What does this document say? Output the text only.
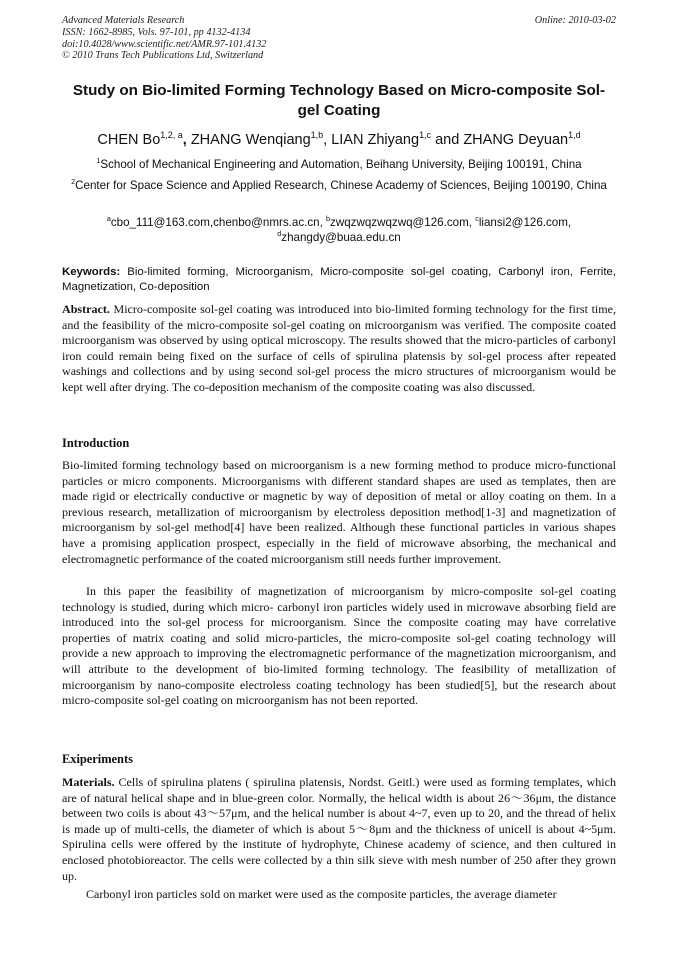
Advanced Materials Research
ISSN: 1662-8985, Vols. 97-101, pp 4132-4134
doi:10.4028/www.scientific.net/AMR.97-101.4132
© 2010 Trans Tech Publications Ltd, Switzerland
Online: 2010-03-02
Study on Bio-limited Forming Technology Based on Micro-composite Sol-gel Coating
CHEN Bo$^{1,2, a}$, ZHANG Wenqiang$^{1,b}$, LIAN Zhiyang$^{1,c}$ and ZHANG Deyuan$^{1,d}$
$^1$School of Mechanical Engineering and Automation, Beihang University, Beijing 100191, China
$^2$Center for Space Science and Applied Research, Chinese Academy of Sciences, Beijing 100190, China
$^a$cbo_111@163.com,chenbo@nmrs.ac.cn, $^b$zwqzwqzwqzwq@126.com, $^c$liansi2@126.com,
$^d$zhangdy@buaa.edu.cn
Keywords: Bio-limited forming, Microorganism, Micro-composite sol-gel coating, Carbonyl iron, Ferrite, Magnetization, Co-deposition

Abstract. Micro-composite sol-gel coating was introduced into bio-limited forming technology for the first time, and the feasibility of the micro-composite sol-gel coating on microorganism was verified. The composite coated microorganism was observed by using optical microscopy. The results showed that the micro-particles of carbonyl iron could remain being fixed on the surface of cells of spirulina platensis by sol-gel process after repeated washings and collections and by using second sol-gel process the micro structures of microorganism would be kept well after drying. The co-deposition mechanism of the composite coating was also discussed.

Introduction

Bio-limited forming technology based on microorganism is a new forming method to produce micro-functional particles or micro components. Microorganisms with different standard shapes are used as templates, then are made rigid or electrically conductive or magnetic by way of deposition of metal or alloy coating on them. In a previous research, metallization of microorganism by electroless deposition method[1-3] and magnetization of microorganism by sol-gel method[4] have been realized. Although these functional particles in various shapes have a promising application prospect, especially in the field of microwave absorbing, the mechanical and electromagnetic performance of the coated microorganism still needs further improvement.

In this paper the feasibility of magnetization of microorganism by micro-composite sol-gel coating technology is studied, during which micro- carbonyl iron particles widely used in microwave absorbing field are introduced into the sol-gel process for microorganism. Since the composite coating may have correlative properties of matrix coating and solid micro-particles, the micro-composite sol-gel coating technology will provide a new approach to improving the electromagnetic performance of the magnetization microorganism, and will attribute to the development of bio-limited forming technology. The feasibility of metallization of microorganism by nano-composite electroless coating technology has been studied[5], but the research about micro-composite sol-gel coating on microorganism has not been reported.

Exiperiments

Materials. Cells of spirulina platens ( spirulina platensis, Nordst. Geitl.) were used as forming templates, which are of natural helical shape and in blue-green color. Normally, the helical width is about 26～36μm, the distance between two coils is about 43～57μm, and the helical number is about 4~7, even up to 20, and the thread of helix is made up of multi-cells, the diameter of which is about 5～8μm and the thickness of unicell is about 4~5μm. Spirulina cells were offered by the institute of hydrophyte, Chinese academy of science, and then cultured in enclosed photobioreactor. The cells were collected by a thin silk sieve with mesh number of 250 after they grown up.

Carbonyl iron particles sold on market were used as the composite particles, the average diameter
